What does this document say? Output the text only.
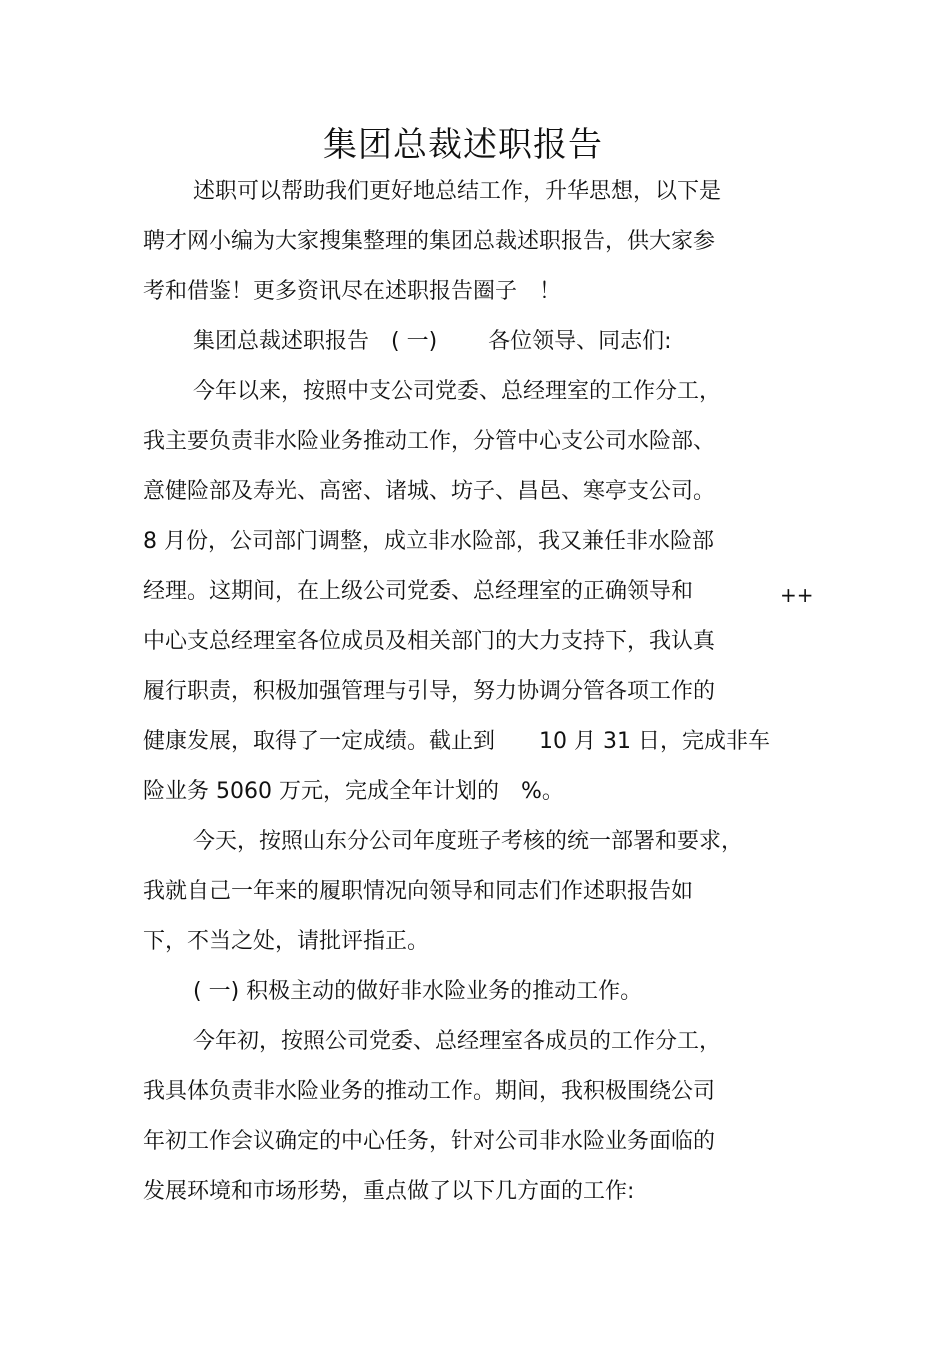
集团总裁述职报告
述职可以帮助我们更好地总结工作，升华思想，以下是
聘才网小编为大家搜集整理的集团总裁述职报告，供大家参
考和借鉴！更多资讯尽在述职报告圈子　！
集团总裁述职报告　( 一)　　 各位领导、同志们:
今年以来，按照中支公司党委、总经理室的工作分工，
我主要负责非水险业务推动工作，分管中心支公司水险部、
意健险部及寿光、高密、诸城、坊子、昌邑、寒亭支公司。
8 月份，公司部门调整，成立非水险部，我又兼任非水险部
经理。这期间，在上级公司党委、总经理室的正确领导和
中心支总经理室各位成员及相关部门的大力支持下，我认真
履行职责，积极加强管理与引导，努力协调分管各项工作的
健康发展，取得了一定成绩。截止到　　10 月 31 日，完成非车
险业务 5060 万元，完成全年计划的　%。
今天，按照山东分公司年度班子考核的统一部署和要求，
我就自己一年来的履职情况向领导和同志们作述职报告如
下，不当之处，请批评指正。
( 一) 积极主动的做好非水险业务的推动工作。
今年初，按照公司党委、总经理室各成员的工作分工，
我具体负责非水险业务的推动工作。期间，我积极围绕公司
年初工作会议确定的中心任务，针对公司非水险业务面临的
发展环境和市场形势，重点做了以下几方面的工作:
++
